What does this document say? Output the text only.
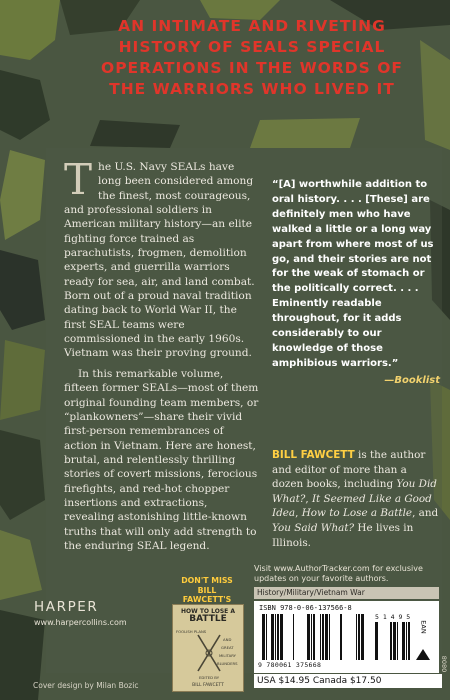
AN INTIMATE AND RIVETING
HISTORY OF SEALS SPECIAL
OPERATIONS IN THE WORDS OF
THE WARRIORS WHO LIVED IT

The U.S. Navy SEALs have long been considered among the finest, most courageous, and professional soldiers in American military history—an elite fighting force trained as parachutists, frogmen, demolition experts, and guerrilla warriors ready for sea, air, and land combat. Born out of a proud naval tradition dating back to World War II, the first SEAL teams were commissioned in the early 1960s. Vietnam was their proving ground.

In this remarkable volume, fifteen former SEALs—most of them original founding team members, or “plankowners”—share their vivid first-person remembrances of action in Vietnam. Here are honest, brutal, and relentlessly thrilling stories of covert missions, ferocious firefights, and red-hot chopper insertions and extractions, revealing astonishing little-known truths that will only add strength to the enduring SEAL legend.

“[A] worthwhile addition to oral history. . . . [These] are definitely men who have walked a little or a long way apart from where most of us go, and their stories are not for the weak of stomach or the politically correct. . . . Eminently readable throughout, for it adds considerably to our knowledge of those amphibious warriors.”
—Booklist
BILL FAWCETT is the author and editor of more than a dozen books, including You Did What?, It Seemed Like a Good Idea, How to Lose a Battle, and You Said What? He lives in Illinois.
HARPER
www.harpercollins.com
Cover design by Milan Bozic
DON'T MISS BILL FAWCETT'S
HOW TO LOSE A
BATTLE
FOOLISH PLANS
AND
GREAT
MILITARY
BLUNDERS
EDITED BY
BILL FAWCETT
Visit www.AuthorTracker.com for exclusive updates on your favorite authors.
History/Military/Vietnam War
ISBN 978-0-06-137566-8
9 780061 375668
5 1 4 9 5
EAN
USA $14.95 Canada $17.50
0808
